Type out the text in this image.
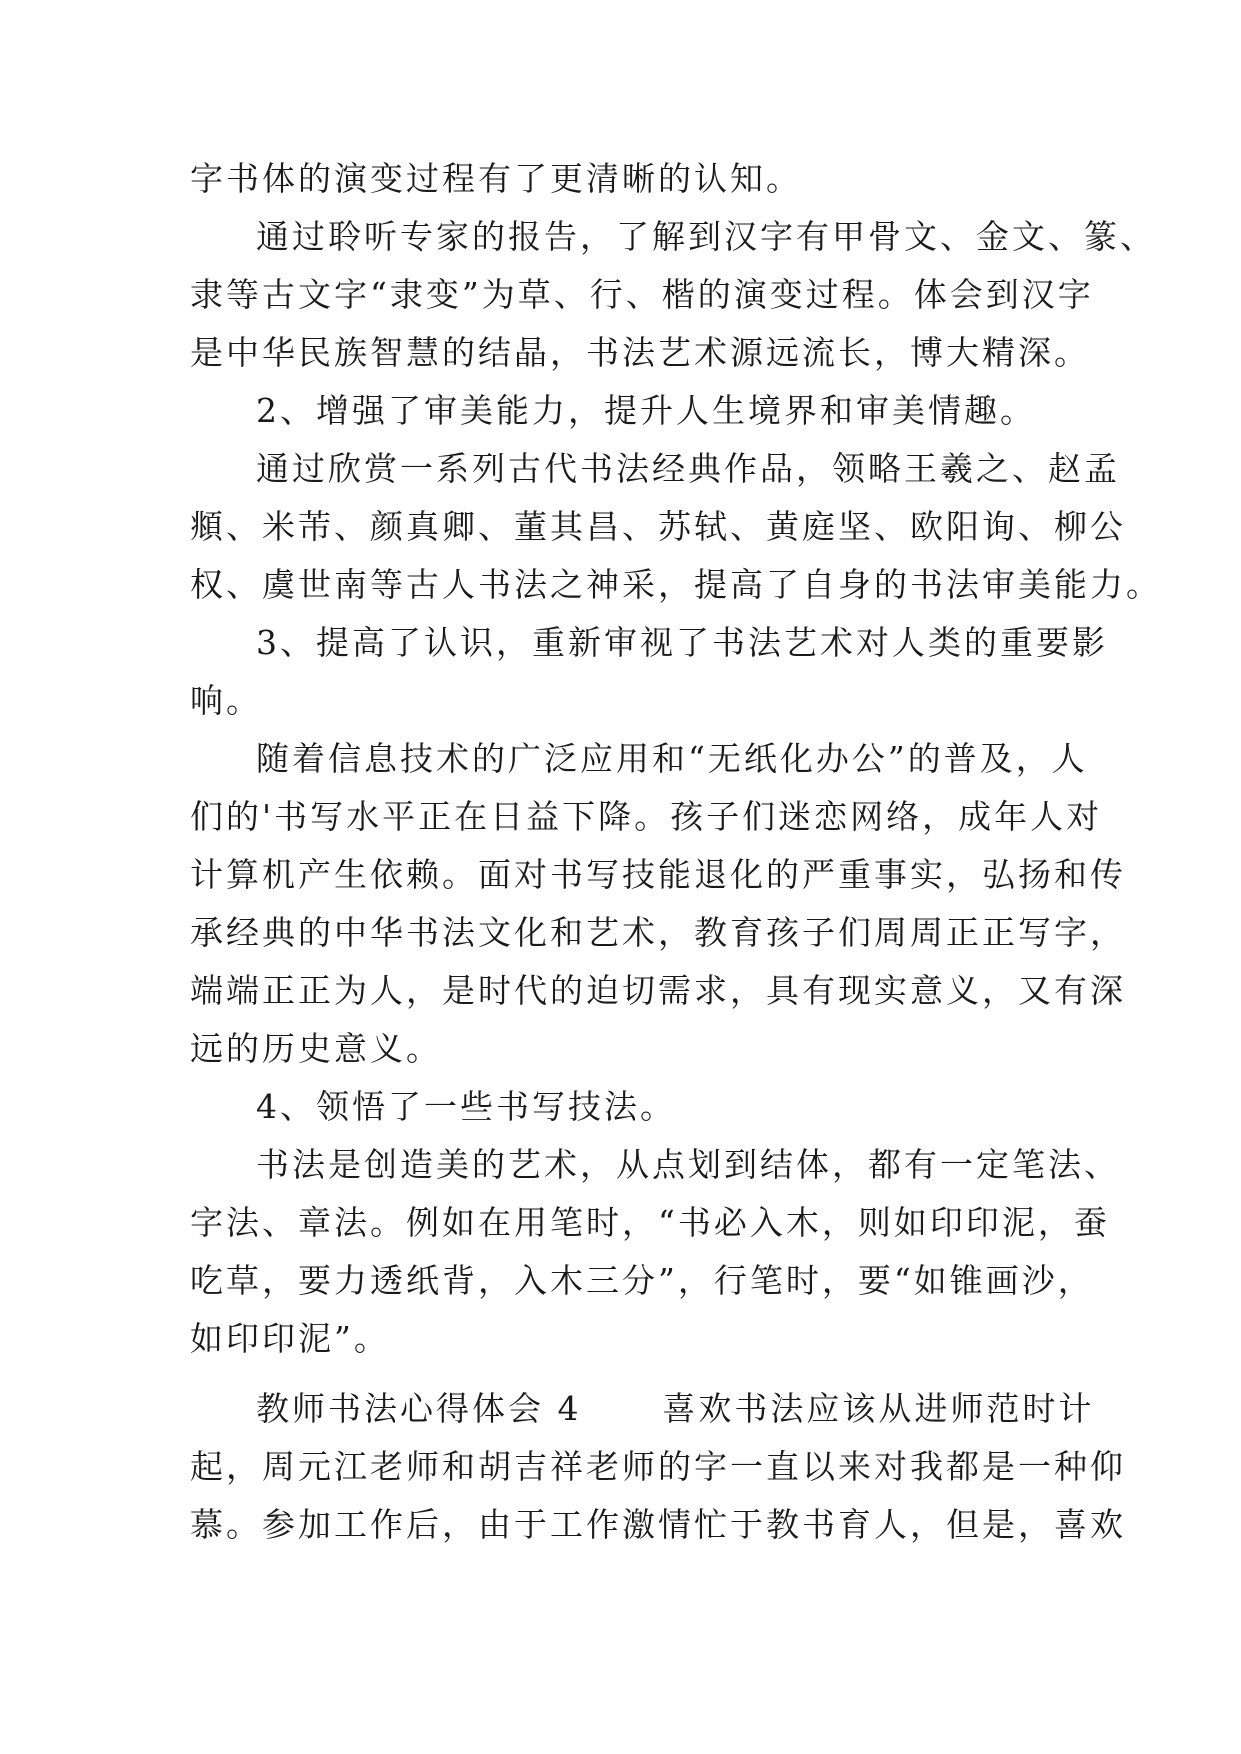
字书体的演变过程有了更清晰的认知。

通过聆听专家的报告，了解到汉字有甲骨文、金文、篆、

隶等古文字“隶变”为草、行、楷的演变过程。体会到汉字

是中华民族智慧的结晶，书法艺术源远流长，博大精深。

2、增强了审美能力，提升人生境界和审美情趣。

通过欣赏一系列古代书法经典作品，领略王羲之、赵孟

頫、米芾、颜真卿、董其昌、苏轼、黄庭坚、欧阳询、柳公

权、虞世南等古人书法之神采，提高了自身的书法审美能力。

3、提高了认识，重新审视了书法艺术对人类的重要影

响。

随着信息技术的广泛应用和“无纸化办公”的普及，人

们的'书写水平正在日益下降。孩子们迷恋网络，成年人对

计算机产生依赖。面对书写技能退化的严重事实，弘扬和传

承经典的中华书法文化和艺术，教育孩子们周周正正写字，

端端正正为人，是时代的迫切需求，具有现实意义，又有深

远的历史意义。

4、领悟了一些书写技法。

书法是创造美的艺术，从点划到结体，都有一定笔法、

字法、章法。例如在用笔时，“书必入木，则如印印泥，蚕

吃草，要力透纸背，入木三分”，行笔时，要“如锥画沙，

如印印泥”。

教师书法心得体会 4      喜欢书法应该从进师范时计

起，周元江老师和胡吉祥老师的字一直以来对我都是一种仰

慕。参加工作后，由于工作激情忙于教书育人，但是，喜欢
